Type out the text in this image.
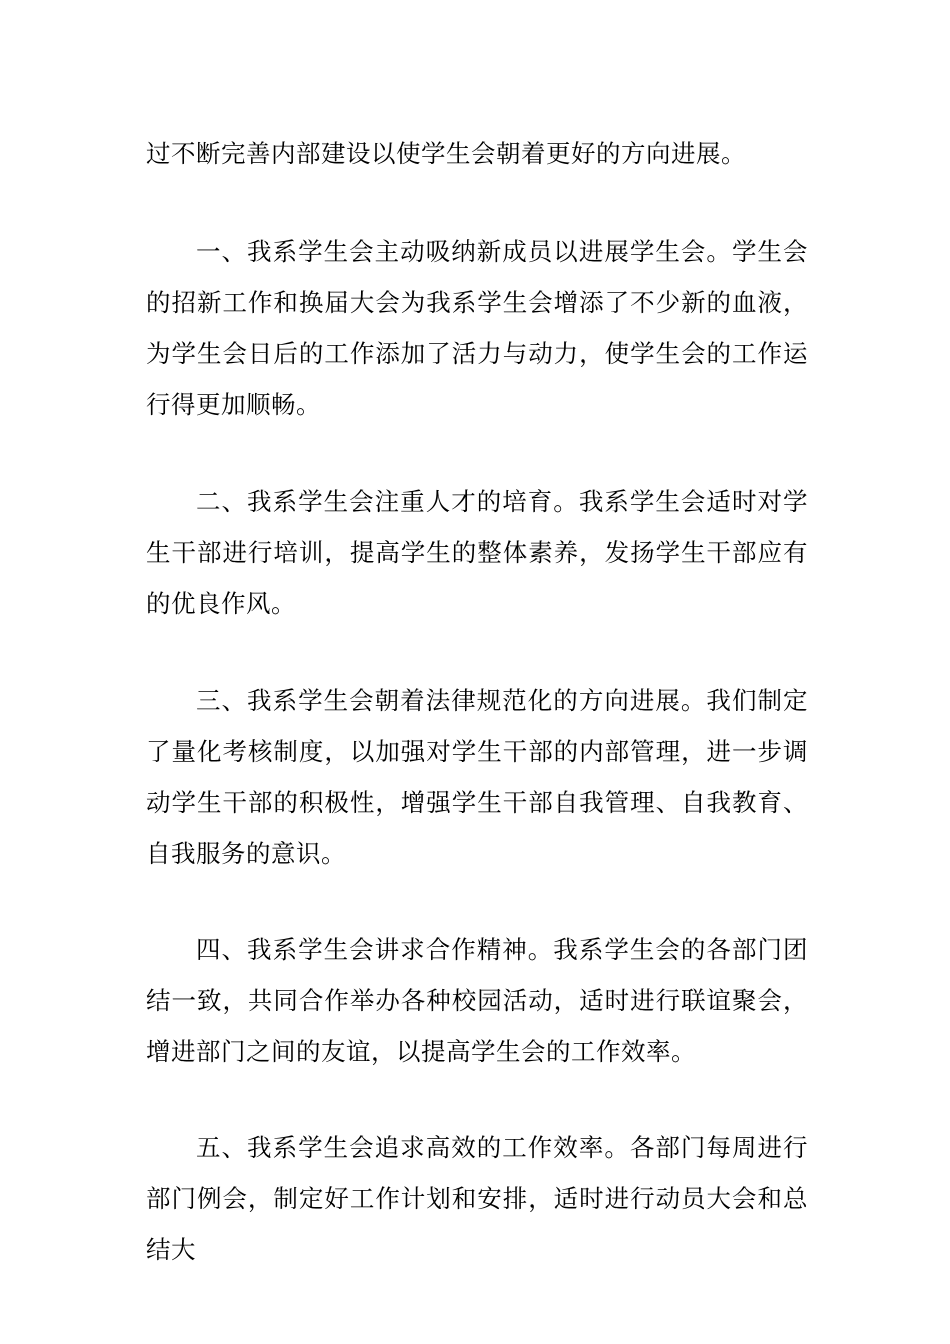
过不断完善内部建设以使学生会朝着更好的方向进展。

一、我系学生会主动吸纳新成员以进展学生会。学生会的招新工作和换届大会为我系学生会增添了不少新的血液，为学生会日后的工作添加了活力与动力，使学生会的工作运行得更加顺畅。

二、我系学生会注重人才的培育。我系学生会适时对学生干部进行培训，提高学生的整体素养，发扬学生干部应有的优良作风。

三、我系学生会朝着法律规范化的方向进展。我们制定了量化考核制度，以加强对学生干部的内部管理，进一步调动学生干部的积极性，增强学生干部自我管理、自我教育、自我服务的意识。

四、我系学生会讲求合作精神。我系学生会的各部门团结一致，共同合作举办各种校园活动，适时进行联谊聚会，增进部门之间的友谊，以提高学生会的工作效率。

五、我系学生会追求高效的工作效率。各部门每周进行部门例会，制定好工作计划和安排，适时进行动员大会和总结大
